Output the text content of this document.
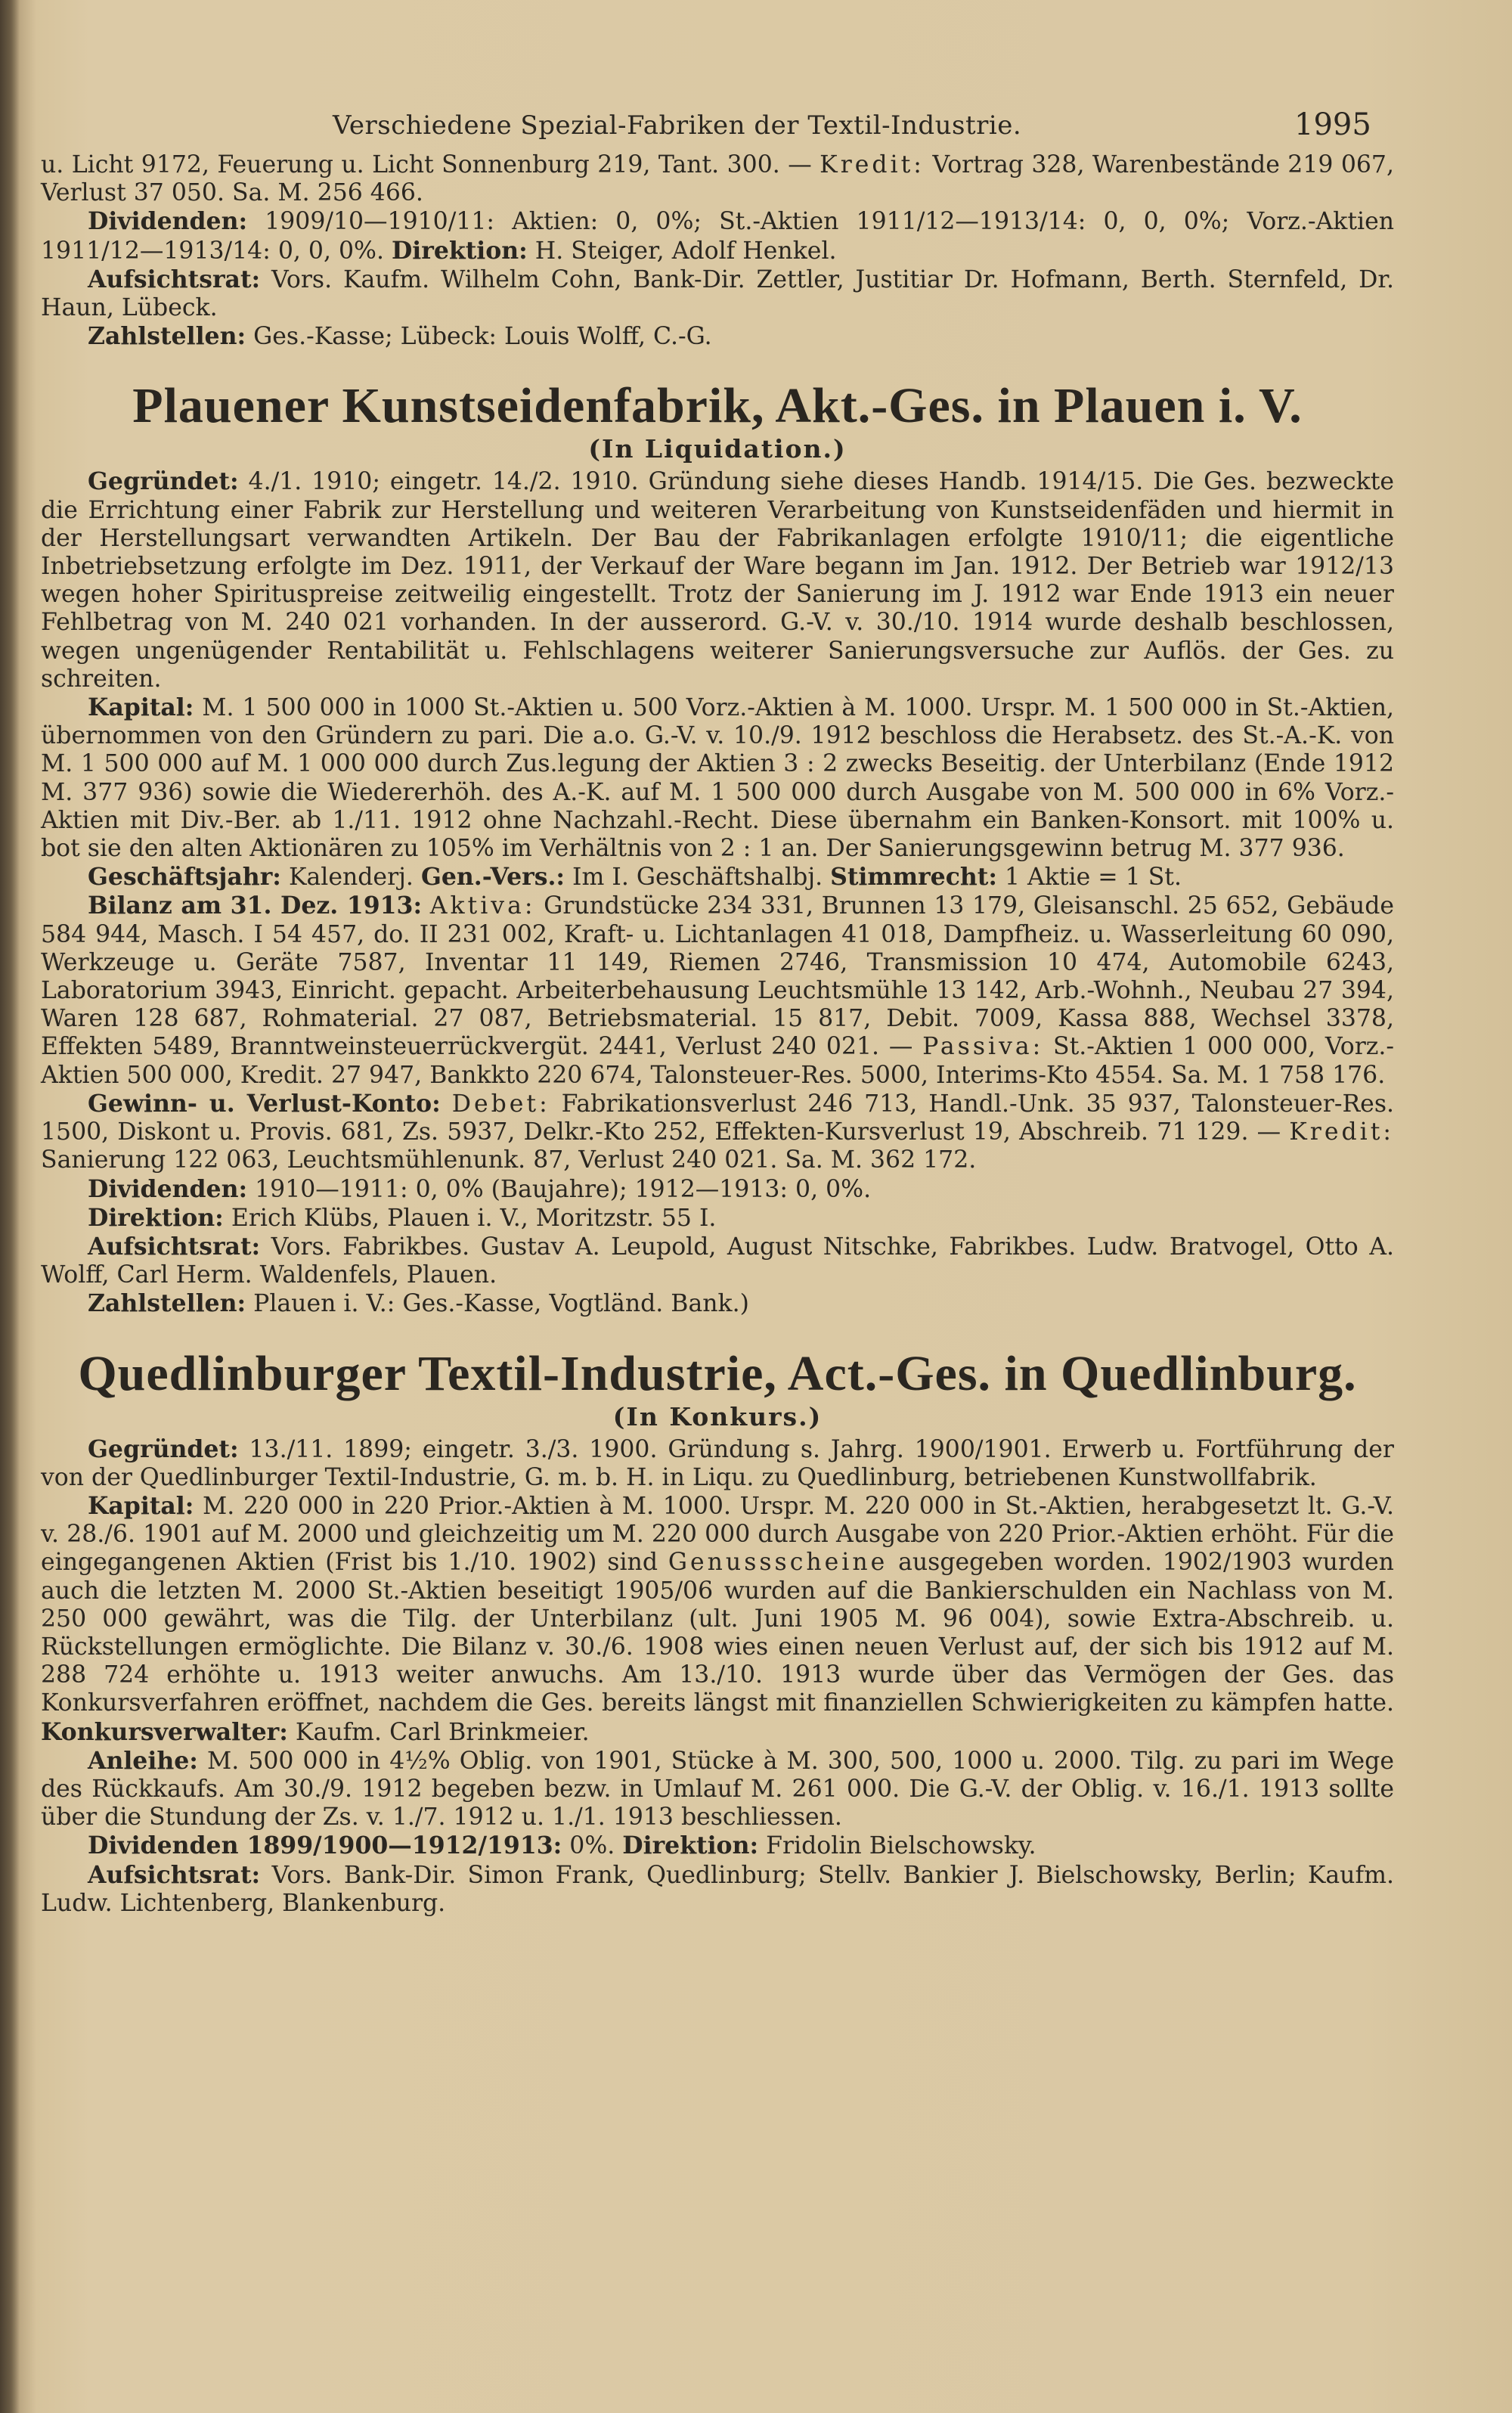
Verschiedene Spezial-Fabriken der Textil-Industrie.	1995

u. Licht 9172, Feuerung u. Licht Sonnenburg 219, Tant. 300. — Kredit: Vortrag 328, Warenbestände 219 067, Verlust 37 050. Sa. M. 256 466.

Dividenden: 1909/10—1910/11: Aktien: 0, 0%; St.-Aktien 1911/12—1913/14: 0, 0, 0%; Vorz.-Aktien 1911/12—1913/14: 0, 0, 0%. Direktion: H. Steiger, Adolf Henkel.

Aufsichtsrat: Vors. Kaufm. Wilhelm Cohn, Bank-Dir. Zettler, Justitiar Dr. Hofmann, Berth. Sternfeld, Dr. Haun, Lübeck.

Zahlstellen: Ges.-Kasse; Lübeck: Louis Wolff, C.-G.

Plauener Kunstseidenfabrik, Akt.-Ges. in Plauen i. V.
(In Liquidation.)

Gegründet: 4./1. 1910; eingetr. 14./2. 1910. Gründung siehe dieses Handb. 1914/15. Die Ges. bezweckte die Errichtung einer Fabrik zur Herstellung und weiteren Verarbeitung von Kunstseidenfäden und hiermit in der Herstellungsart verwandten Artikeln. Der Bau der Fabrikanlagen erfolgte 1910/11; die eigentliche Inbetriebsetzung erfolgte im Dez. 1911, der Verkauf der Ware begann im Jan. 1912. Der Betrieb war 1912/13 wegen hoher Spirituspreise zeitweilig eingestellt. Trotz der Sanierung im J. 1912 war Ende 1913 ein neuer Fehlbetrag von M. 240 021 vorhanden. In der ausserord. G.-V. v. 30./10. 1914 wurde deshalb beschlossen, wegen ungenügender Rentabilität u. Fehlschlagens weiterer Sanierungsversuche zur Auflös. der Ges. zu schreiten.

Kapital: M. 1 500 000 in 1000 St.-Aktien u. 500 Vorz.-Aktien à M. 1000. Urspr. M. 1 500 000 in St.-Aktien, übernommen von den Gründern zu pari. Die a.o. G.-V. v. 10./9. 1912 beschloss die Herabsetz. des St.-A.-K. von M. 1 500 000 auf M. 1 000 000 durch Zus.legung der Aktien 3 : 2 zwecks Beseitig. der Unterbilanz (Ende 1912 M. 377 936) sowie die Wiedererhöh. des A.-K. auf M. 1 500 000 durch Ausgabe von M. 500 000 in 6% Vorz.-Aktien mit Div.-Ber. ab 1./11. 1912 ohne Nachzahl.-Recht. Diese übernahm ein Banken-Konsort. mit 100% u. bot sie den alten Aktionären zu 105% im Verhältnis von 2 : 1 an. Der Sanierungsgewinn betrug M. 377 936.

Geschäftsjahr: Kalenderj. Gen.-Vers.: Im I. Geschäftshalbj. Stimmrecht: 1 Aktie = 1 St.

Bilanz am 31. Dez. 1913: Aktiva: Grundstücke 234 331, Brunnen 13 179, Gleisanschl. 25 652, Gebäude 584 944, Masch. I 54 457, do. II 231 002, Kraft- u. Lichtanlagen 41 018, Dampfheiz. u. Wasserleitung 60 090, Werkzeuge u. Geräte 7587, Inventar 11 149, Riemen 2746, Transmission 10 474, Automobile 6243, Laboratorium 3943, Einricht. gepacht. Arbeiterbehausung Leuchtsmühle 13 142, Arb.-Wohnh., Neubau 27 394, Waren 128 687, Rohmaterial. 27 087, Betriebsmaterial. 15 817, Debit. 7009, Kassa 888, Wechsel 3378, Effekten 5489, Branntweinsteuerrückvergüt. 2441, Verlust 240 021. — Passiva: St.-Aktien 1 000 000, Vorz.-Aktien 500 000, Kredit. 27 947, Bankkto 220 674, Talonsteuer-Res. 5000, Interims-Kto 4554. Sa. M. 1 758 176.

Gewinn- u. Verlust-Konto: Debet: Fabrikationsverlust 246 713, Handl.-Unk. 35 937, Talonsteuer-Res. 1500, Diskont u. Provis. 681, Zs. 5937, Delkr.-Kto 252, Effekten-Kursverlust 19, Abschreib. 71 129. — Kredit: Sanierung 122 063, Leuchtsmühlenunk. 87, Verlust 240 021. Sa. M. 362 172.

Dividenden: 1910—1911: 0, 0% (Baujahre); 1912—1913: 0, 0%.

Direktion: Erich Klübs, Plauen i. V., Moritzstr. 55 I.

Aufsichtsrat: Vors. Fabrikbes. Gustav A. Leupold, August Nitschke, Fabrikbes. Ludw. Bratvogel, Otto A. Wolff, Carl Herm. Waldenfels, Plauen.

Zahlstellen: Plauen i. V.: Ges.-Kasse, Vogtländ. Bank.)

Quedlinburger Textil-Industrie, Act.-Ges. in Quedlinburg.
(In Konkurs.)

Gegründet: 13./11. 1899; eingetr. 3./3. 1900. Gründung s. Jahrg. 1900/1901. Erwerb u. Fortführung der von der Quedlinburger Textil-Industrie, G. m. b. H. in Liqu. zu Quedlinburg, betriebenen Kunstwollfabrik.

Kapital: M. 220 000 in 220 Prior.-Aktien à M. 1000. Urspr. M. 220 000 in St.-Aktien, herabgesetzt lt. G.-V. v. 28./6. 1901 auf M. 2000 und gleichzeitig um M. 220 000 durch Ausgabe von 220 Prior.-Aktien erhöht. Für die eingegangenen Aktien (Frist bis 1./10. 1902) sind Genussscheine ausgegeben worden. 1902/1903 wurden auch die letzten M. 2000 St.-Aktien beseitigt 1905/06 wurden auf die Bankierschulden ein Nachlass von M. 250 000 gewährt, was die Tilg. der Unterbilanz (ult. Juni 1905 M. 96 004), sowie Extra-Abschreib. u. Rückstellungen ermöglichte. Die Bilanz v. 30./6. 1908 wies einen neuen Verlust auf, der sich bis 1912 auf M. 288 724 erhöhte u. 1913 weiter anwuchs. Am 13./10. 1913 wurde über das Vermögen der Ges. das Konkursverfahren eröffnet, nachdem die Ges. bereits längst mit finanziellen Schwierigkeiten zu kämpfen hatte. Konkursverwalter: Kaufm. Carl Brinkmeier.

Anleihe: M. 500 000 in 4½% Oblig. von 1901, Stücke à M. 300, 500, 1000 u. 2000. Tilg. zu pari im Wege des Rückkaufs. Am 30./9. 1912 begeben bezw. in Umlauf M. 261 000. Die G.-V. der Oblig. v. 16./1. 1913 sollte über die Stundung der Zs. v. 1./7. 1912 u. 1./1. 1913 beschliessen.

Dividenden 1899/1900—1912/1913: 0%. Direktion: Fridolin Bielschowsky.

Aufsichtsrat: Vors. Bank-Dir. Simon Frank, Quedlinburg; Stellv. Bankier J. Bielschowsky, Berlin; Kaufm. Ludw. Lichtenberg, Blankenburg.
